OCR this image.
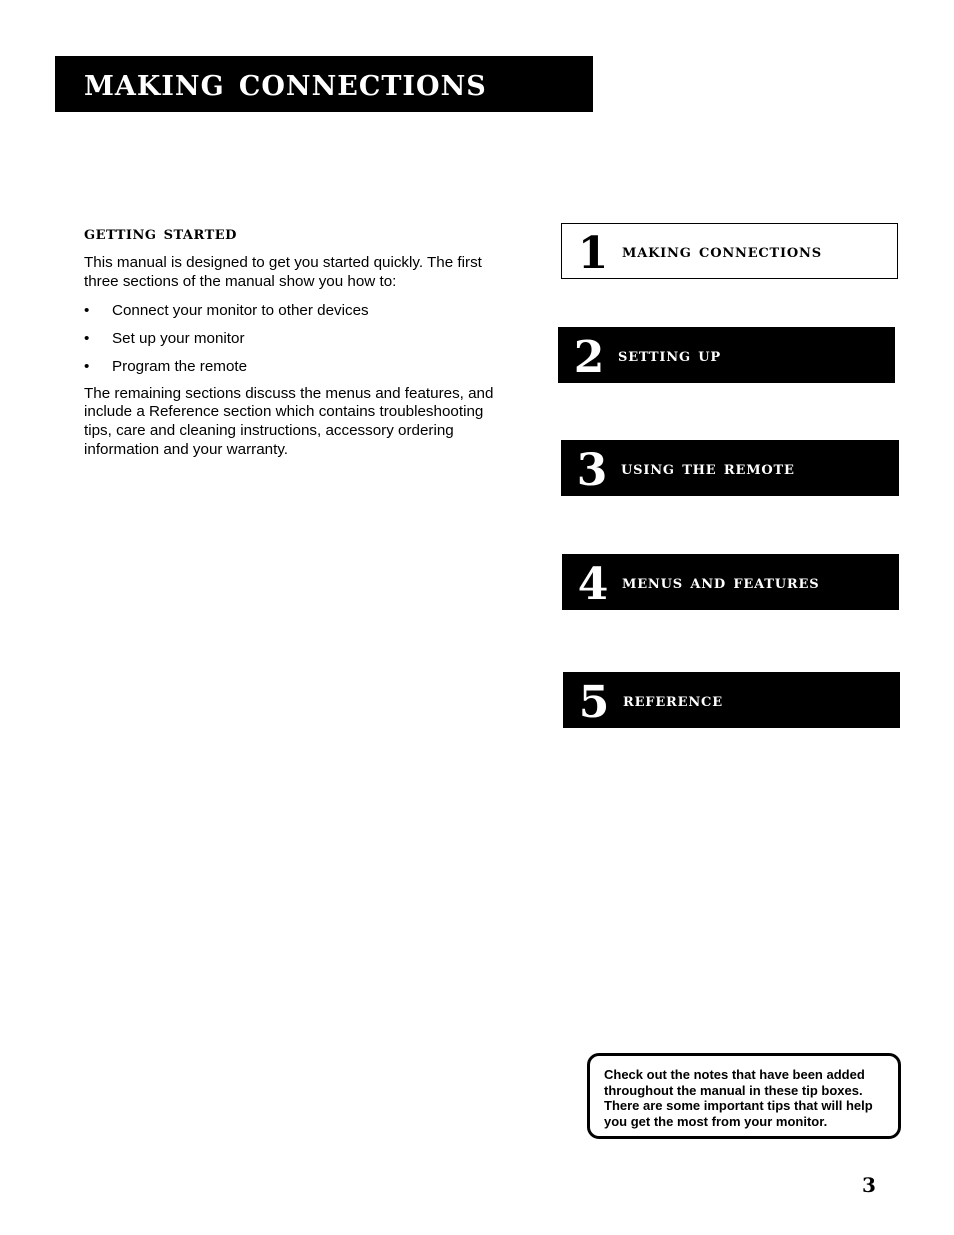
making connections
getting started

This manual is designed to get you started quickly. The first three sections of the manual show you how to:

•	Connect your monitor to other devices
•	Set up your monitor
•	Program the remote

The remaining sections discuss the menus and features, and include a Reference section which contains troubleshooting tips, care and cleaning instructions, accessory ordering information and your warranty.

1 making connections
2 setting up
3 using the remote
4 menus and features
5 reference

Check out the notes that have been added throughout the manual in these tip boxes. There are some important tips that will help you get the most from your monitor.

3
